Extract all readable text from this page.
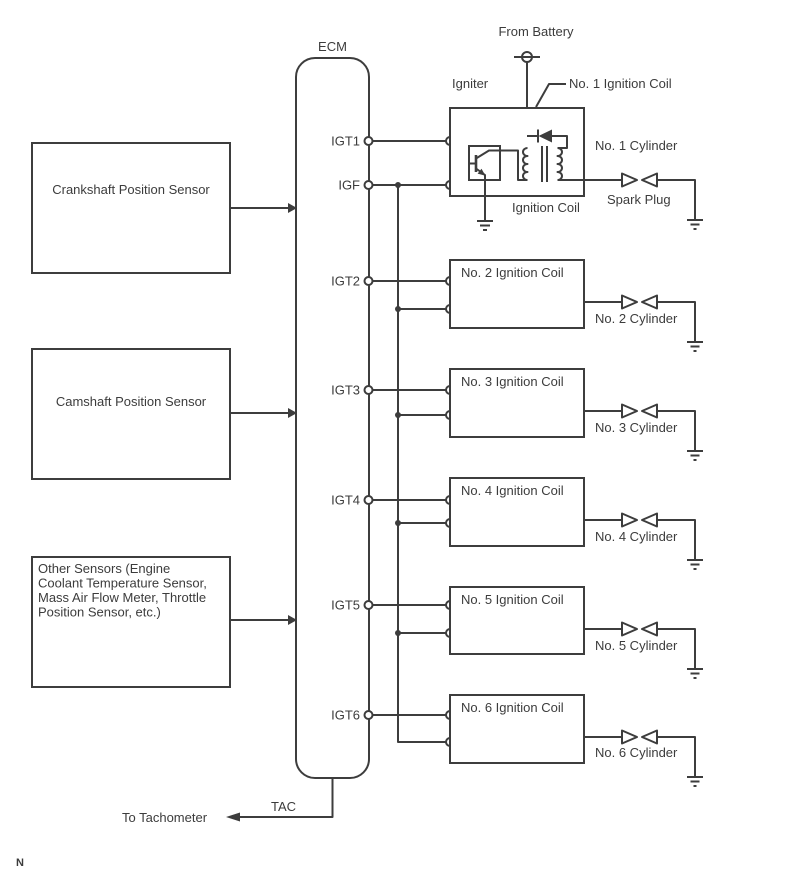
ECM
Crankshaft Position Sensor
Camshaft Position Sensor
Other Sensors (Engine
Coolant Temperature Sensor,
Mass Air Flow Meter, Throttle
Position Sensor, etc.)
IGT1
IGF
From Battery
Igniter	No. 1 Ignition Coil
Ignition Coil
No. 1 Cylinder
Spark Plug
IGT2
No. 2 Ignition Coil
No. 2 Cylinder
IGT3
No. 3 Ignition Coil
No. 3 Cylinder
IGT4
No. 4 Ignition Coil
No. 4 Cylinder
IGT5	No. 5 Ignition Coil
No. 5 Cylinder
IGT6	No. 6 Ignition Coil
No. 6 Cylinder
TAC
To Tachometer
N
